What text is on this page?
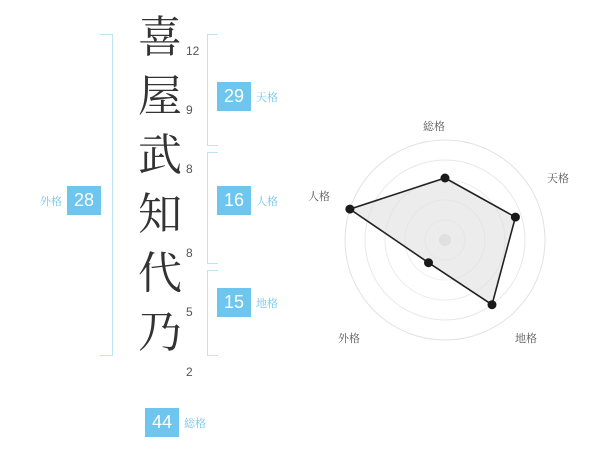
喜
屋
武
知
代
乃
12
9
8
8
5
2
29	天格
16	人格
15	地格
外格 28
44	総格
総格
天格
地格
外格
人格
